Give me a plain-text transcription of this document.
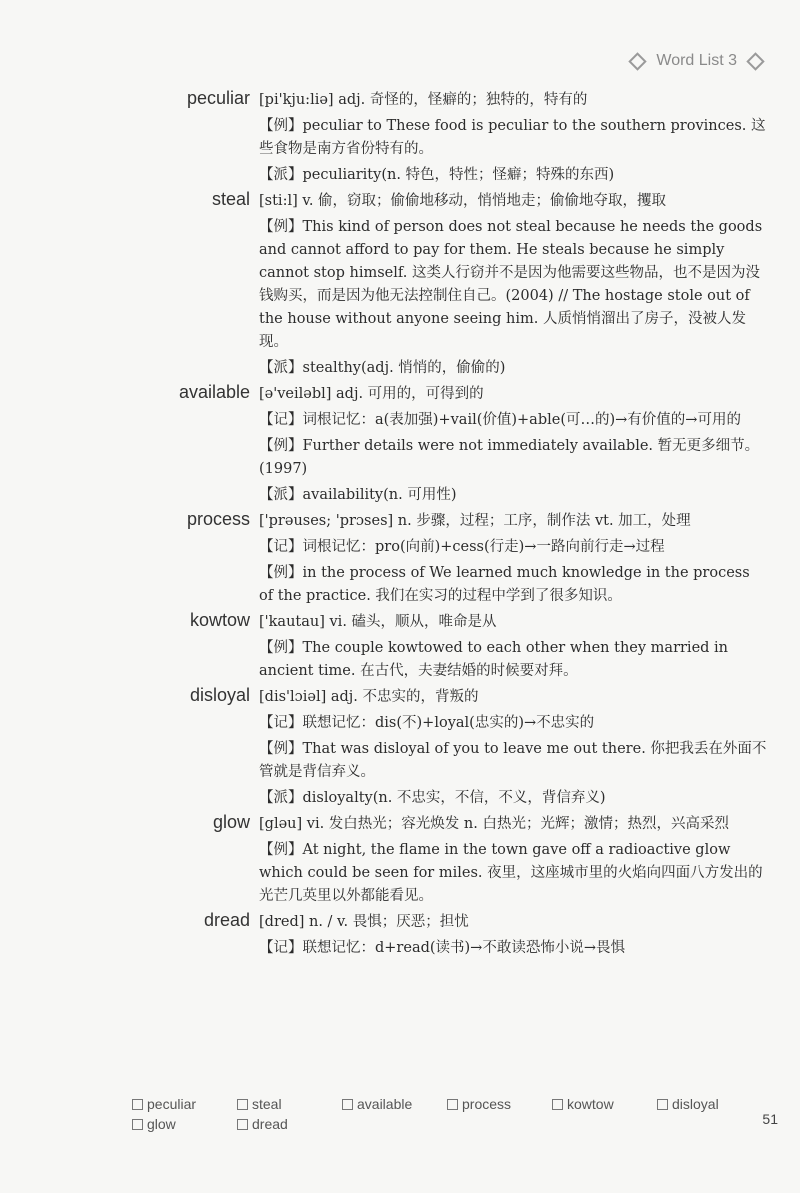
Word List 3
peculiar [pi'kju:liə] adj. 奇怪的，怪癖的；独特的，特有的
【例】peculiar to These food is peculiar to the southern provinces. 这些食物是南方省份特有的。
【派】peculiarity(n. 特色，特性；怪癖；特殊的东西)
steal [sti:l] v. 偷，窃取；偷偷地移动，悄悄地走；偷偷地夺取，攫取
【例】This kind of person does not steal because he needs the goods and cannot afford to pay for them. He steals because he simply cannot stop himself. 这类人行窃并不是因为他需要这些物品，也不是因为没钱购买，而是因为他无法控制住自己。(2004) // The hostage stole out of the house without anyone seeing him. 人质悄悄溜出了房子，没被人发现。
【派】stealthy(adj. 悄悄的，偷偷的)
available [ə'veiləbl] adj. 可用的，可得到的
【记】词根记忆：a(表加强)+vail(价值)+able(可…的)→有价值的→可用的
【例】Further details were not immediately available. 暂无更多细节。(1997)
【派】availability(n. 可用性)
process ['prəuses; 'prɔses] n. 步骤，过程；工序，制作法 vt. 加工，处理
【记】词根记忆：pro(向前)+cess(行走)→一路向前行走→过程
【例】in the process of We learned much knowledge in the process of the practice. 我们在实习的过程中学到了很多知识。
kowtow ['kautau] vi. 磕头，顺从，唯命是从
【例】The couple kowtowed to each other when they married in ancient time. 在古代，夫妻结婚的时候要对拜。
disloyal [dis'lɔiəl] adj. 不忠实的，背叛的
【记】联想记忆：dis(不)+loyal(忠实的)→不忠实的
【例】That was disloyal of you to leave me out there. 你把我丢在外面不管就是背信弃义。
【派】disloyalty(n. 不忠实，不信，不义，背信弃义)
glow [gləu] vi. 发白热光；容光焕发 n. 白热光；光辉；激情；热烈，兴高采烈
【例】At night, the flame in the town gave off a radioactive glow which could be seen for miles. 夜里，这座城市里的火焰向四面八方发出的光芒几英里以外都能看见。
dread [dred] n. / v. 畏惧；厌恶；担忧
【记】联想记忆：d+read(读书)→不敢读恐怖小说→畏惧
peculiar	steal	available	process	kowtow	disloyal
glow	dread	51
